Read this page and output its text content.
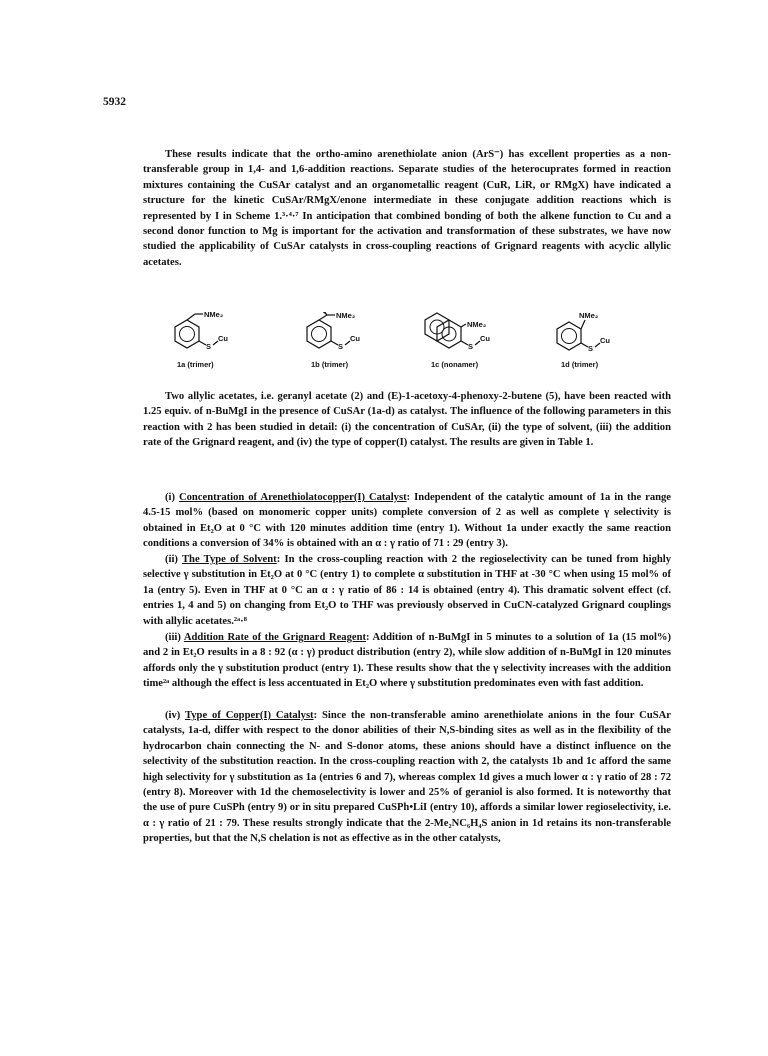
5932

These results indicate that the ortho-amino arenethiolate anion (ArS⁻) has excellent properties as a non-transferable group in 1,4- and 1,6-addition reactions. Separate studies of the heterocuprates formed in reaction mixtures containing the CuSAr catalyst and an organometallic reagent (CuR, LiR, or RMgX) have indicated a structure for the kinetic CuSAr/RMgX/enone intermediate in these conjugate addition reactions which is represented by I in Scheme 1.³·⁴·⁷ In anticipation that combined bonding of both the alkene function to Cu and a second donor function to Mg is important for the activation and transformation of these substrates, we have now studied the applicability of CuSAr catalysts in cross-coupling reactions of Grignard reagents with acyclic allylic acetates.

NMe₂
S
Cu
1a (trimer)
NMe₂
S
Cu
1b (trimer)
NMe₂
S
Cu
1c (nonamer)
NMe₂
S
Cu
1d (trimer)

Two allylic acetates, i.e. geranyl acetate (2) and (E)-1-acetoxy-4-phenoxy-2-butene (5), have been reacted with 1.25 equiv. of n-BuMgI in the presence of CuSAr (1a-d) as catalyst. The influence of the following parameters in this reaction with 2 has been studied in detail: (i) the concentration of CuSAr, (ii) the type of solvent, (iii) the addition rate of the Grignard reagent, and (iv) the type of copper(I) catalyst. The results are given in Table 1.

(i) Concentration of Arenethiolatocopper(I) Catalyst: Independent of the catalytic amount of 1a in the range 4.5-15 mol% (based on monomeric copper units) complete conversion of 2 as well as complete γ selectivity is obtained in Et₂O at 0 °C with 120 minutes addition time (entry 1). Without 1a under exactly the same reaction conditions a conversion of 34% is obtained with an α : γ ratio of 71 : 29 (entry 3).

(ii) The Type of Solvent: In the cross-coupling reaction with 2 the regioselectivity can be tuned from highly selective γ substitution in Et₂O at 0 °C (entry 1) to complete α substitution in THF at -30 °C when using 15 mol% of 1a (entry 5). Even in THF at 0 °C an α : γ ratio of 86 : 14 is obtained (entry 4). This dramatic solvent effect (cf. entries 1, 4 and 5) on changing from Et₂O to THF was previously observed in CuCN-catalyzed Grignard couplings with allylic acetates.²ᵃ·⁸

(iii) Addition Rate of the Grignard Reagent: Addition of n-BuMgI in 5 minutes to a solution of 1a (15 mol%) and 2 in Et₂O results in a 8 : 92 (α : γ) product distribution (entry 2), while slow addition of n-BuMgI in 120 minutes affords only the γ substitution product (entry 1). These results show that the γ selectivity increases with the addition time²ᵃ although the effect is less accentuated in Et₂O where γ substitution predominates even with fast addition.

(iv) Type of Copper(I) Catalyst: Since the non-transferable amino arenethiolate anions in the four CuSAr catalysts, 1a-d, differ with respect to the donor abilities of their N,S-binding sites as well as in the flexibility of the hydrocarbon chain connecting the N- and S-donor atoms, these anions should have a distinct influence on the selectivity of the substitution reaction. In the cross-coupling reaction with 2, the catalysts 1b and 1c afford the same high selectivity for γ substitution as 1a (entries 6 and 7), whereas complex 1d gives a much lower α : γ ratio of 28 : 72 (entry 8). Moreover with 1d the chemoselectivity is lower and 25% of geraniol is also formed. It is noteworthy that the use of pure CuSPh (entry 9) or in situ prepared CuSPh•LiI (entry 10), affords a similar lower regioselectivity, i.e. α : γ ratio of 21 : 79. These results strongly indicate that the 2-Me₂NC₆H₄S anion in 1d retains its non-transferable properties, but that the N,S chelation is not as effective as in the other catalysts,
